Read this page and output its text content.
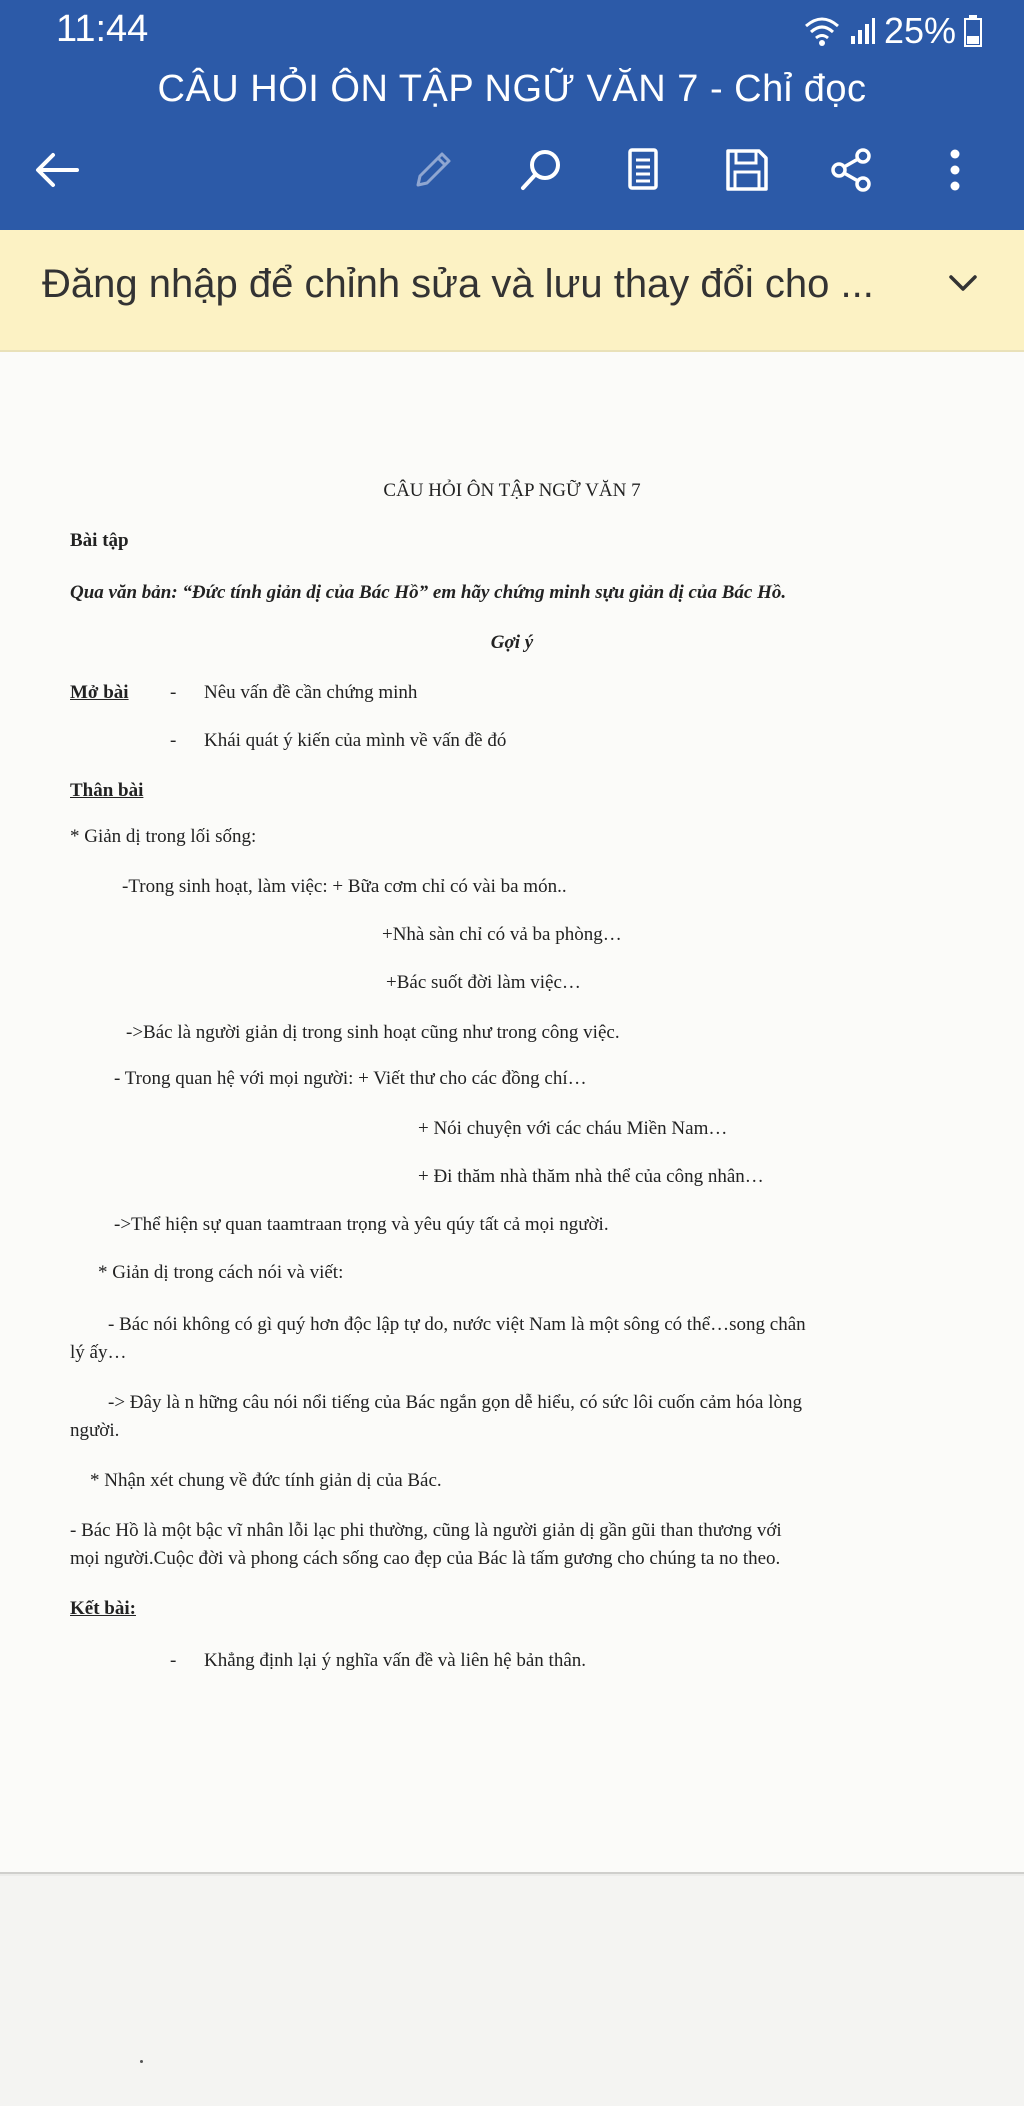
11:44	25%
CÂU HỎI ÔN TẬP NGỮ VĂN 7 - Chỉ đọc
Đăng nhập để chỉnh sửa và lưu thay đổi cho ...
CÂU HỎI ÔN TẬP NGỮ VĂN 7
Bài tập
Qua văn bản: “Đức tính giản dị của Bác Hồ” em hãy chứng minh sựu giản dị của Bác Hồ.
Gợi ý
Mở bài - Nêu vấn đề cần chứng minh
- Khái quát ý kiến của mình về vấn đề đó
Thân bài
* Giản dị trong lối sống:
-Trong sinh hoạt, làm việc: + Bữa cơm chỉ có vài ba món..
+Nhà sàn chỉ có vả ba phòng…
+Bác suốt đời làm việc…
->Bác là người giản dị trong sinh hoạt cũng như trong công việc.
- Trong quan hệ với mọi người: + Viết thư cho các đồng chí…
+ Nói chuyện với các cháu Miền Nam…
+ Đi thăm nhà thăm nhà thể của công nhân…
->Thể hiện sự quan taamtraan trọng và yêu qúy tất cả mọi người.
* Giản dị trong cách nói và viết:
- Bác nói không có gì quý hơn độc lập tự do, nước việt Nam là một sông có thể…song chân
lý ấy…
-> Đây là n hững câu nói nổi tiếng của Bác ngắn gọn dễ hiểu, có sức lôi cuốn cảm hóa lòng
người.
* Nhận xét chung về đức tính giản dị của Bác.
- Bác Hồ là một bậc vĩ nhân lỗi lạc phi thường, cũng là người giản dị gần gũi than thương với
mọi người.Cuộc đời và phong cách sống cao đẹp của Bác là tấm gương cho chúng ta no theo.
Kết bài:
- Khẳng định lại ý nghĩa vấn đề và liên hệ bản thân.
